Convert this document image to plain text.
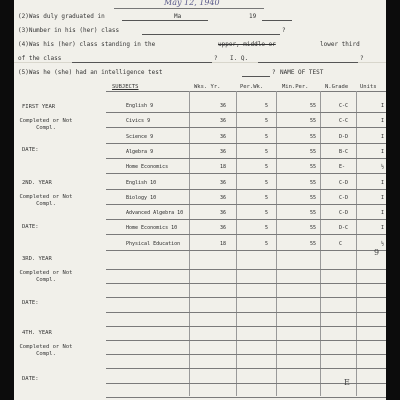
May 12, 1940
(2)Was duly graduated in	Ma	19
(3)Number in his (her) class	?
(4)Was his (her) class standing in the	upper, middle or	lower third
of the class	? I. Q.	?
(5)Was he (she) had an intelligence test	? NAME OF TEST
SUBJECTS	Wks. Yr.	Per.Wk.	Min.Per.	N.Grade Units
FIRST YEAR
Completed or Not Compl.
DATE:
2ND. YEAR
Completed or Not Compl.
DATE:
3RD. YEAR
Completed or Not Compl.
DATE:
4TH. YEAR
Completed or Not Compl.
DATE:
English 9	36	5	55	C-C	I
Civics 9	36	5	55	C-C	I
Science 9	36	5	55	D-D	I
Algebra 9	36	5	55	B-C	I
Home Economics	18	5	55	E-	½
English 10	36	5	55	C-D	I
Biology 10	36	5	55	C-D	I
Advanced Algebra 10	36	5	55	C-D	I
Home Economics 10	36	5	55	D-C	I
Physical Education	18	5	55	C	½
9
E
